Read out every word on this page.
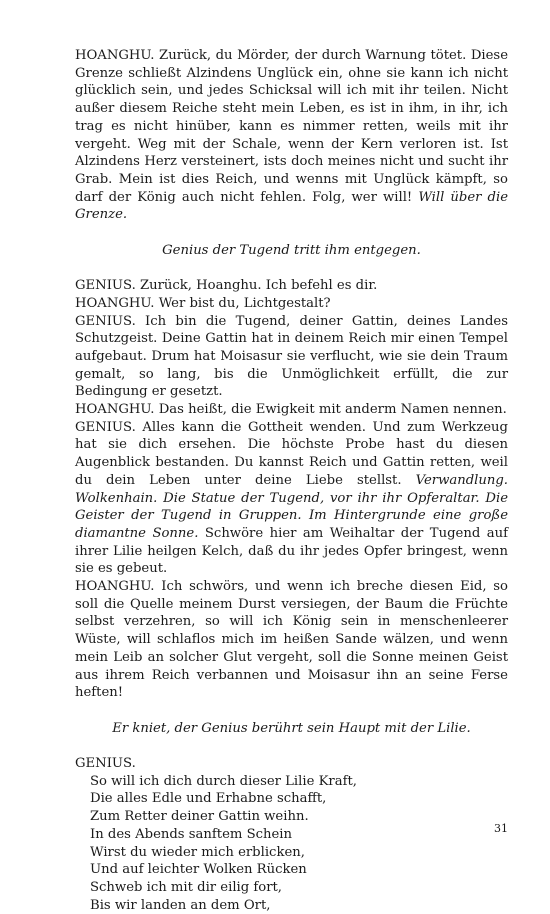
HOANGHU. Zurück, du Mörder, der durch Warnung tötet. Diese Grenze schließt Alzindens Unglück ein, ohne sie kann ich nicht glücklich sein, und jedes Schicksal will ich mit ihr teilen. Nicht außer diesem Reiche steht mein Leben, es ist in ihm, in ihr, ich trag es nicht hinüber, kann es nimmer retten, weils mit ihr vergeht. Weg mit der Schale, wenn der Kern verloren ist. Ist Alzindens Herz versteinert, ists doch meines nicht und sucht ihr Grab. Mein ist dies Reich, und wenns mit Unglück kämpft, so darf der König auch nicht fehlen. Folg, wer will! Will über die Grenze.

Genius der Tugend tritt ihm entgegen.

GENIUS. Zurück, Hoanghu. Ich befehl es dir.

HOANGHU. Wer bist du, Lichtgestalt?

GENIUS. Ich bin die Tugend, deiner Gattin, deines Landes Schutzgeist. Deine Gattin hat in deinem Reich mir einen Tempel aufgebaut. Drum hat Moisasur sie verflucht, wie sie dein Traum gemalt, so lang, bis die Unmöglichkeit erfüllt, die zur Bedingung er gesetzt.

HOANGHU. Das heißt, die Ewigkeit mit anderm Namen nennen.

GENIUS. Alles kann die Gottheit wenden. Und zum Werkzeug hat sie dich ersehen. Die höchste Probe hast du diesen Augenblick bestanden. Du kannst Reich und Gattin retten, weil du dein Leben unter deine Liebe stellst. Verwandlung. Wolkenhain. Die Statue der Tugend, vor ihr ihr Opferaltar. Die Geister der Tugend in Gruppen. Im Hintergrunde eine große diamantne Sonne. Schwöre hier am Weihaltar der Tugend auf ihrer Lilie heilgen Kelch, daß du ihr jedes Opfer bringest, wenn sie es gebeut.

HOANGHU. Ich schwörs, und wenn ich breche diesen Eid, so soll die Quelle meinem Durst versiegen, der Baum die Früchte selbst verzehren, so will ich König sein in menschenleerer Wüste, will schlaflos mich im heißen Sande wälzen, und wenn mein Leib an solcher Glut vergeht, soll die Sonne meinen Geist aus ihrem Reich verbannen und Moisasur ihn an seine Ferse heften!

Er kniet, der Genius berührt sein Haupt mit der Lilie.

GENIUS.

So will ich dich durch dieser Lilie Kraft,
Die alles Edle und Erhabne schafft,
Zum Retter deiner Gattin weihn.
In des Abends sanftem Schein
Wirst du wieder mich erblicken,
Und auf leichter Wolken Rücken
Schweb ich mit dir eilig fort,
Bis wir landen an dem Ort,
31
